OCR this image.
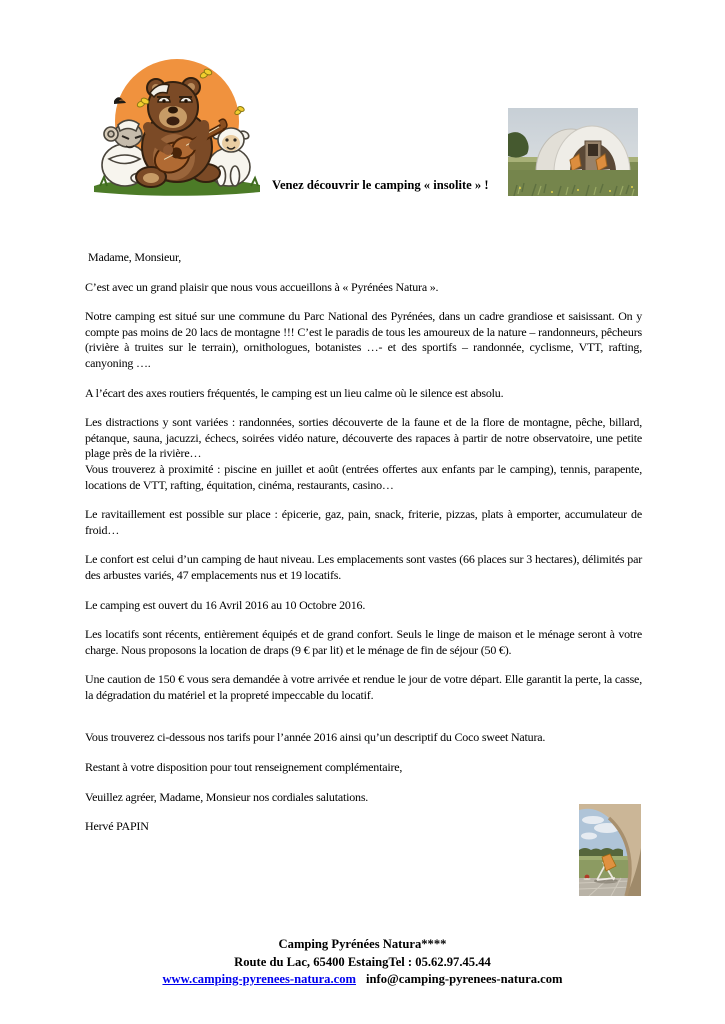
Venez découvrir le camping « insolite » !

Madame, Monsieur,

C’est avec un grand plaisir que nous vous accueillons à « Pyrénées Natura ».

Notre camping est situé sur une commune du Parc National des Pyrénées, dans un cadre grandiose et saisissant. On y compte pas moins de 20 lacs de montagne !!! C’est le paradis de tous les amoureux de la nature – randonneurs, pêcheurs (rivière à truites sur le terrain), ornithologues, botanistes …- et des sportifs – randonnée, cyclisme, VTT, rafting, canyoning ….

A l’écart des axes routiers fréquentés, le camping est un lieu calme où le silence est absolu.

Les distractions y sont variées : randonnées, sorties découverte de la faune et de la flore de montagne, pêche, billard, pétanque, sauna, jacuzzi, échecs, soirées vidéo nature, découverte des rapaces à partir de notre observatoire, une petite plage près de la rivière…

Vous trouverez à proximité : piscine en juillet et août (entrées offertes aux enfants par le camping), tennis, parapente, locations de VTT, rafting, équitation, cinéma, restaurants, casino…

Le ravitaillement est possible sur place : épicerie, gaz, pain, snack, friterie, pizzas, plats à emporter, accumulateur de froid…

Le confort est celui d’un camping de haut niveau. Les emplacements sont vastes (66 places sur 3 hectares), délimités par des arbustes variés, 47 emplacements nus et 19 locatifs.

Le camping est ouvert du 16 Avril 2016 au 10 Octobre 2016.

Les locatifs sont récents, entièrement équipés et de grand confort. Seuls le linge de maison et le ménage seront à votre charge. Nous proposons la location de draps (9 € par lit) et le ménage de fin de séjour (50 €).

Une caution de 150 € vous sera demandée à votre arrivée et rendue le jour de votre départ. Elle garantit la perte, la casse, la dégradation du matériel et la propreté impeccable du locatif.

Vous trouverez ci-dessous nos tarifs pour l’année 2016 ainsi qu’un descriptif du Coco sweet Natura.

Restant à votre disposition pour tout renseignement complémentaire,

Veuillez agréer, Madame, Monsieur nos cordiales salutations.

Hervé PAPIN

Camping Pyrénées Natura****
Route du Lac, 65400 EstaingTel : 05.62.97.45.44
www.camping-pyrenees-natura.com info@camping-pyrenees-natura.com
